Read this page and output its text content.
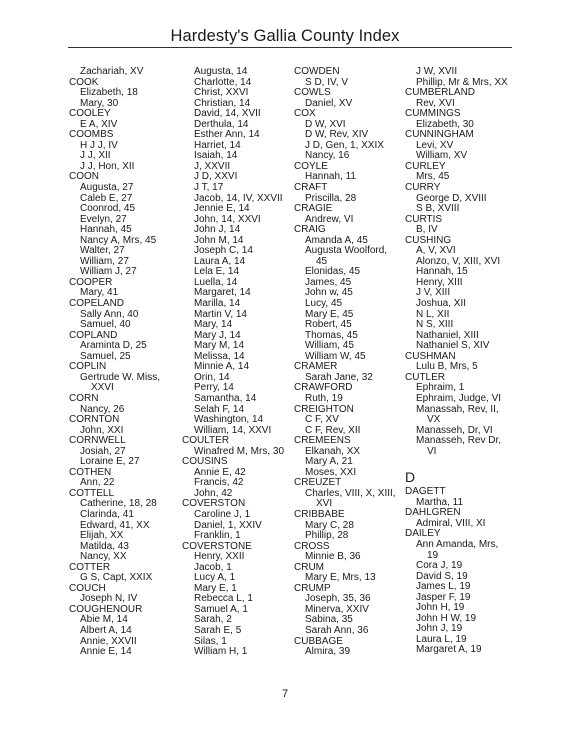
Hardesty's Gallia County Index
Zachariah, XV
COOK
Elizabeth, 18
Mary, 30
COOLEY
E A, XIV
COOMBS
H J J, IV
J J, XII
J J, Hon, XII
COON
Augusta, 27
Caleb E, 27
Coonrod, 45
Evelyn, 27
Hannah, 45
Nancy A, Mrs, 45
Walter, 27
William, 27
William J, 27
COOPER
Mary, 41
COPELAND
Sally Ann, 40
Samuel, 40
COPLAND
Araminta D, 25
Samuel, 25
COPLIN
Gertrude W. Miss,
XXVI
CORN
Nancy, 26
CORNTON
John, XXI
CORNWELL
Josiah, 27
Loraine E, 27
COTHEN
Ann, 22
COTTELL
Catherine, 18, 28
Clarinda, 41
Edward, 41, XX
Elijah, XX
Matilda, 43
Nancy, XX
COTTER
G S, Capt, XXIX
COUCH
Joseph N, IV
COUGHENOUR
Abie M, 14
Albert A, 14
Annie, XXVII
Annie E, 14
Augusta, 14
Charlotte, 14
Christ, XXVI
Christian, 14
David, 14, XVII
Derthula, 14
Esther Ann, 14
Harriet, 14
Isaiah, 14
J, XXVII
J D, XXVI
J T, 17
Jacob, 14, IV, XXVII
Jennie E, 14
John, 14, XXVI
John J, 14
John M, 14
Joseph C, 14
Laura A, 14
Lela E, 14
Luella, 14
Margaret, 14
Marilla, 14
Martin V, 14
Mary, 14
Mary J, 14
Mary M, 14
Melissa, 14
Minnie A, 14
Orin, 14
Perry, 14
Samantha, 14
Selah F, 14
Washington, 14
William, 14, XXVI
COULTER
Winafred M, Mrs, 30
COUSINS
Annie E, 42
Francis, 42
John, 42
COVERSTON
Caroline J, 1
Daniel, 1, XXIV
Franklin, 1
COVERSTONE
Henry, XXII
Jacob, 1
Lucy A, 1
Mary E, 1
Rebecca L, 1
Samuel A, 1
Sarah, 2
Sarah E, 5
Silas, 1
William H, 1
COWDEN
S D, IV, V
COWLS
Daniel, XV
COX
D W, XVI
D W, Rev, XIV
J D, Gen, 1, XXIX
Nancy, 16
COYLE
Hannah, 11
CRAFT
Priscilla, 28
CRAGIE
Andrew, VI
CRAIG
Amanda A, 45
Augusta Woolford,
45
Elonidas, 45
James, 45
John w, 45
Lucy, 45
Mary E, 45
Robert, 45
Thomas, 45
William, 45
William W, 45
CRAMER
Sarah Jane, 32
CRAWFORD
Ruth, 19
CREIGHTON
C F, XV
C F, Rev, XII
CREMEENS
Elkanah, XX
Mary A, 21
Moses, XXI
CREUZET
Charles, VIII, X, XIII,
XVI
CRIBBABE
Mary C, 28
Phillip, 28
CROSS
Minnie B, 36
CRUM
Mary E, Mrs, 13
CRUMP
Joseph, 35, 36
Minerva, XXIV
Sabina, 35
Sarah Ann, 36
CUBBAGE
Almira, 39
J W, XVII
Phillip, Mr & Mrs, XX
CUMBERLAND
Rev, XVI
CUMMINGS
Elizabeth, 30
CUNNINGHAM
Levi, XV
William, XV
CURLEY
Mrs, 45
CURRY
George D, XVIII
S B, XVIII
CURTIS
B, IV
CUSHING
A, V, XVI
Alonzo, V, XIII, XVI
Hannah, 15
Henry, XIII
J V, XIII
Joshua, XII
N L, XII
N S, XIII
Nathaniel, XIII
Nathaniel S, XIV
CUSHMAN
Lulu B, Mrs, 5
CUTLER
Ephraim, 1
Ephraim, Judge, VI
Manassah, Rev, II,
VX
Manasseh, Dr, VI
Manasseh, Rev Dr,
VI
D
DAGETT
Martha, 11
DAHLGREN
Admiral, VIII, XI
DAILEY
Ann Amanda, Mrs,
19
Cora J, 19
David S, 19
James L, 19
Jasper F, 19
John H, 19
John H W, 19
John J, 19
Laura L, 19
Margaret A, 19
7
